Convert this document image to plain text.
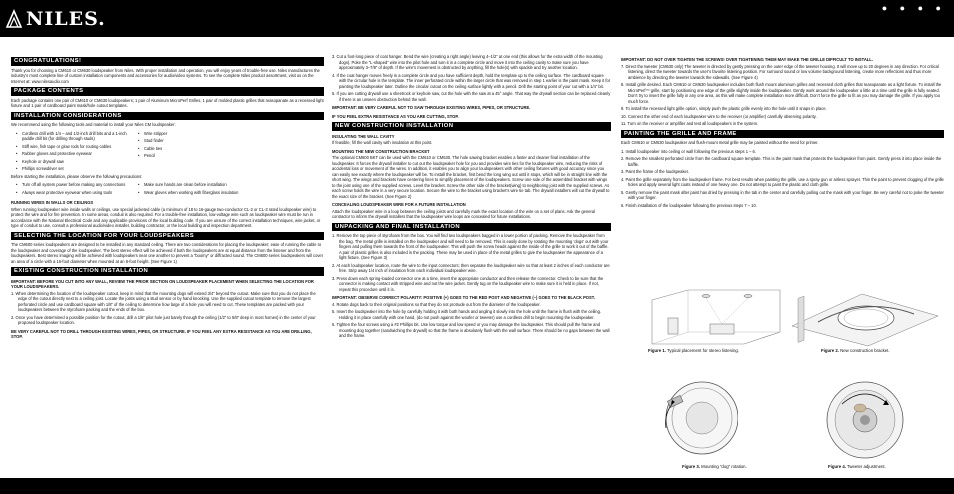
NILES.	● ● ● ●
CONGRATULATIONS!

Thank you for choosing a CM610 or CM630 loudspeaker from Niles. With proper installation and operation, you will enjoy years of trouble-free use. Niles manufactures the industry’s most complete line of custom installation components and accessories for audio/video systems. To see the complete Niles product assortment, visit us on the Internet at: www.nilesaudio.com

PACKAGE CONTENTS

Each package contains one pair of CM610 or CM630 loudspeakers; 1 pair of Aluminum MicroPerf Grilles; 1 pair of molded plastic grilles that reasopanate as a recessed light fixture and 1 pair of cardboard paint mask/hole cutout templates.

INSTALLATION CONSIDERATIONS

We recommend using the following tools and material to install your Niles CM loudspeaker:

• Cordless drill with 1/4 – and 1/2-inch drill bits and a 1-inch paddle drill bit (for drilling through studs)
• Stiff wire, fish tape or glow rods for routing cables
• Rubber gloves and protective eyewear
• Keyhole or drywall saw
• Phillips screwdriver set
• Wire stripper
• Stud finder
• Cable ties
• Pencil

Before starting the installation, please observe the following precautions:

• Turn off all system power before making any connections
• Always wear protective eyewear when using tools
• Make sure hands are clean before installation
• Wear gloves when working with fiberglass insulation
RUNNING WIRES IN WALLS OR CEILINGS

When running loudspeaker wire inside walls or ceilings, use special jacketed cable (a minimum of 18 to 16-gauge two-conductor CL-2 or CL-3 rated loudspeaker wire) to protect the wire and for fire prevention. In some areas, conduit is also required. For a trouble-free installation, low-voltage wire such as loudspeaker wire must be run in accordance with the National Electrical Code and any applicable provisions of the local building code. If you are unsure of the correct installation techniques, wire jacket, or type of conduit to use, consult a professional audio/video installer, building contractor, or the local building and inspection department.

SELECTING THE LOCATION FOR YOUR LOUDSPEAKERS

The CM600 series loudspeakers are designed to be installed in any standard ceiling. There are two considerations for placing the loudspeaker; ease of running the cable to the loudspeaker and coverage of the loudspeaker. The best stereo effect will be achieved if both the loudspeakers are at equal distance from the listener and from the loudspeakers. Best stereo imaging will be achieved with loudspeakers near one another to prevent a “boomy” or diffracted sound. The CM600 series loudspeakers will cover an area of a circle with a 16-foot diameter when mounted at an 8-foot height. (See Figure 1)

EXISTING CONSTRUCTION INSTALLATION

IMPORTANT: BEFORE YOU CUT INTO ANY WALL, REVIEW THE PRIOR SECTION ON LOUDSPEAKER PLACEMENT WHEN SELECTING THE LOCATION FOR YOUR LOUDSPEAKERS.

1. When determining the location of the loudspeaker cutout, keep in mind that the mounting dogs will extend 3/4” beyond the cutout. Make sure that you do not place the edge of the cutout directly next to a ceiling joist. Locate the joists using a stud sensor or by hand knocking. Use the supplied cutout template to remove the largest perforated circle and use cardboard square with 1/8” of the ceiling to determine how large of a hole you will need to cut. These templates are packed with your loudspeakers between the styrofoam packing and the ends of the box.

2. Once you have determined a possible position for the cutout, drill a 1/8” pilot hole just barely through the ceiling (1/2” to 5/8” deep in most homes) in the center of your proposed loudspeaker location.

BE VERY CAREFUL NOT TO DRILL THROUGH EXISTING WIRES, PIPES, OR STRUCTURE. IF YOU FEEL ANY EXTRA RESISTANCE AS YOU ARE DRILLING, STOP.

3. Cut a foot-long piece of coat hanger. Bend the wire (creating a right angle) leaving 4–1/2” at one end (this allows for the extra width of the mounting dogs). Poke the “L-shaped” wire into the pilot hole and turn it in a complete circle and move it into the ceiling cavity to make sure you have approximately 3–7/8” of depth. If the wire’s movement is obstructed by anything, fill the hole(s) with spackle and try another location.

4. If the coat hanger moves freely in a complete circle and you have sufficient depth, hold the template up to the ceiling surface. The cardboard square with the circular hole is the template. The inner perforated circle within the larger circle that was removed in step 1 earlier is the paint mask. Keep it for painting the loudspeaker later. Outline the circular cutout on the ceiling surface lightly with a pencil. Drill the starting point of your cut with a 1/4” bit.

5. If you are cutting drywall use a sheetrock or keyhole saw, cut the hole with the saw at a 45° angle. That way the drywall section can be replaced cleanly if there is an unseen obstruction behind the wall.

IMPORTANT: BE VERY CAREFUL NOT TO SAW THROUGH EXISTING WIRES, PIPES, OR STRUCTURE.

IF YOU FEEL EXTRA RESISTANCE AS YOU ARE CUTTING, STOP.

NEW CONSTRUCTION INSTALLATION
INSULATING THE WALL CAVITY

If feasible, fill the wall cavity with insulation at this point.

MOUNTING THE NEW CONSTRUCTION BRACKET

The optional CM600 BKT can be used with the CM610 or CM630. The hole sawing bracket enables a faster and cleaner final installation of the loudspeaker. It forces the drywall installer to cut out the loudspeaker hole for you and provides wire ties for the loudspeaker wire, reducing the risks of accidental loss or movement of the wires. In addition, it enables you to align your loudspeakers with other ceiling fixtures with good accuracy since you can easily see exactly where the loudspeaker will be. To install the bracket, first bend the long wing out until it stops, which will be in straight line with the short wing. The wings and brackets have centering lines to simplify placement of the loudspeakers. Screw one side of the assembled bracket with wings to the joist using one of the supplied screws. Level the bracket. Screw the other side of the bracket(wing) to neighboring joist with the supplied screws. As each screw holds the wire in a very secure location. Secure the wire to the bracket using bracket’s wire tie tab. The drywall installers will cut the drywall to the exact size of the bracket. (See Figure 2)

CONCEALING LOUDSPEAKER WIRE FOR A FUTURE INSTALLATION

Attach the loudspeaker wire in a loop between the ceiling joists and carefully mark the exact location of the wire on a set of plans. Ask the general contractor to inform the drywall installers that the loudspeaker wire loops are concealed for future installations.

UNPACKING AND FINAL INSTALLATION

1. Remove the top piece of styrofoam from the box. You will find two loudspeakers bagged in a lower portion of packing. Remove the loudspeaker from the bag. The metal grille is installed on the loudspeaker and will need to be removed. This is easily done by rotating the mounting ‘dogs’ out with your fingers and pulling them towards the front of the loudspeaker. This will push the screw heads against the inside of the grille to work it out of the baffle. A pair of plastic grilles is also included in the packing. These may be used in place of the metal grilles to give the loudspeaker the appearance of a light fixture. (See Figure 3)

2. At each loudspeaker location, route the wire to the input connectors; then separate the loudspeaker wire so that at least 2 inches of each conductor are free. Strip away 1/4 inch of insulation from each individual loudspeaker wire.

3. Press down each spring-loaded connector one at a time, insert the appropriate conductor and then release the connector. Check to be sure that the connector is making contact with stripped wire and not the wire jacket. Gently tug on the loudspeaker wire to make sure it is held in place. If not, repeat this procedure until it is.

IMPORTANT: OBSERVE CORRECT POLARITY: POSITIVE (+) GOES TO THE RED POST AND NEGATIVE (–) GOES TO THE BLACK POST.

4. Rotate dogs back to their original positions so that they do not protrude out from the diameter of the loudspeaker.

5. Insert the loudspeaker into the hole by carefully holding it with both hands and angling it slowly into the hole until the frame is flush with the ceiling. Holding it in place carefully with one hand, (do not push against the woofer or tweeter) use a cordless drill to begin mounting the loudspeaker.

6. Tighten the four screws using a #2 Phillips bit. Use low torque and low speed or you may damage the loudspeaker. This should pull the frame and mounting dog together (sandwiching the drywall) so that the frame is absolutely flush with the wall surface. There should be no gaps between the wall and the frame.

IMPORTANT: DO NOT OVER TIGHTEN THE SCREWS! OVER TIGHTENING THEM MAY MAKE THE GRILLE DIFFICULT TO INSTALL.

7. Direct the tweeter (CM630 only) The tweeter is directed by gently pressing on the outer edge of the tweeter housing. It will move up to 20 degrees in any direction. For critical listening, direct the tweeter towards the user’s favorite listening position. For surround sound or low volume background listening, create more reflections and thus more ambience by directing the tweeter towards the sidewalls. (See Figure 4)

8. Install grille desired. Each CM610 or CM630 loudspeaker includes both flush mount aluminum grilles and recessed cloth grilles that reasopanate as a light fixture. To install the MicroPerf™ grille, start by positioning one edge of the grille slightly inside the loudspeaker. Gently work around the loudspeaker a little at a time until the grille is fully seated. Don’t try to insert the grille fully in any one area, as this will make complete installation more difficult. Don’t force the grille to fit as you may damage the grille. If you apply too much force.

9. To install the recessed light grille option, simply push the plastic grille evenly into the hole until it snaps in place.

10. Connect the other end of each loudspeaker wire to the receiver (or amplifier) carefully observing polarity.

11. Turn on the receiver or amplifier and test all loudspeakers in the system.

PAINTING THE GRILLE AND FRAME

Each CM610 or CM630 loudspeaker and flush-mount metal grille may be painted without the need for primer.

1. Install loudspeaker into ceiling or wall following the previous steps 1 – 6.

2. Remove the smallest perforated circle from the cardboard square template. This is the paint mask that protects the loudspeaker from paint. Gently press it into place inside the baffle.

3. Paint the frame of the loudspeaker.

4. Paint the grille separately from the loudspeaker frame. For best results when painting the grille, use a spray gun or airless sprayer. Thin the paint to prevent clogging of the grille holes and apply several light coats instead of one heavy one. Do not attempt to paint the plastic and cloth grille.

5. Gently remove the paint mask after paint has dried by pressing in the tab in the center and carefully pulling out the mask with your finger. Be very careful not to poke the tweeter with your finger.

6. Finish installation of the loudspeaker following the previous steps 7 – 10.

Figure 1. Typical placement for stereo listening.	Figure 2. New construction bracket.
Figure 3. Mounting “dog” rotation.	Figure 4. Tweeter adjustment.
